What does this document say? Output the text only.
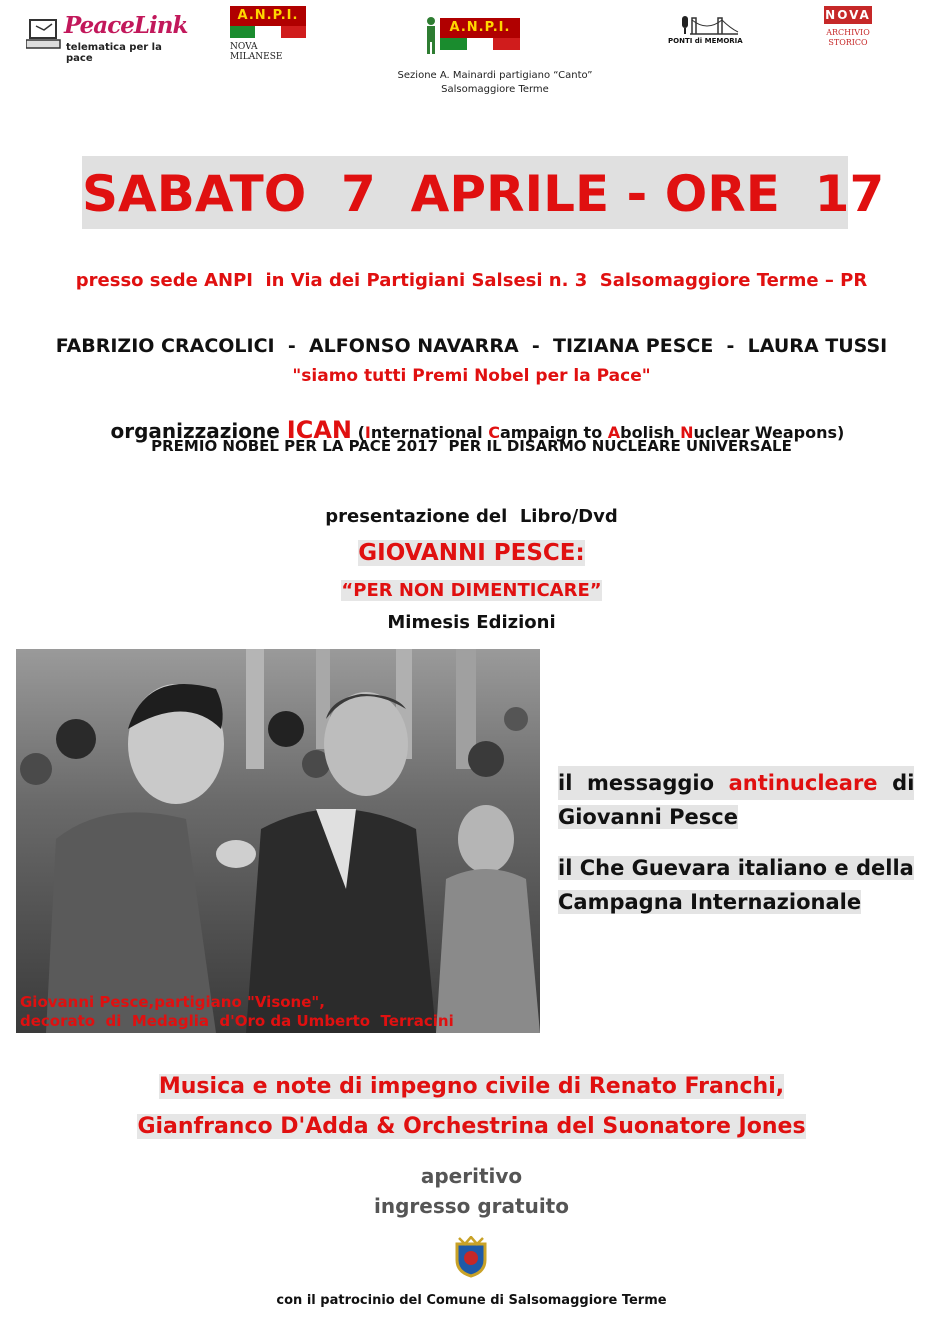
PeaceLink
telematica per la pace
A.N.P.I.
NOVA MILANESE
A.N.P.I.
Sezione A. Mainardi partigiano “Canto”
Salsomaggiore Terme
PONTI di MEMORIA
NOVA
ARCHIVIO
STORICO
SABATO  7  APRILE - ORE  17
presso sede ANPI  in Via dei Partigiani Salsesi n. 3  Salsomaggiore Terme – PR
FABRIZIO CRACOLICI  -  ALFONSO NAVARRA  -  TIZIANA PESCE  -  LAURA TUSSI
"siamo tutti Premi Nobel per la Pace"

organizzazione ICAN (International Campaign to Abolish Nuclear Weapons)

PREMIO NOBEL PER LA PACE 2017  PER IL DISARMO NUCLEARE UNIVERSALE
presentazione del  Libro/Dvd
GIOVANNI PESCE:
“PER NON DIMENTICARE”
Mimesis Edizioni
Giovanni Pesce,partigiano "Visone",
decorato  di  Medaglia  d'Oro da Umberto  Terracini
il  messaggio  antinucleare  di
Giovanni Pesce
il Che Guevara italiano e della
Campagna Internazionale
Musica e note di impegno civile di Renato Franchi,
Gianfranco D'Adda & Orchestrina del Suonatore Jones
aperitivo
ingresso gratuito
con il patrocinio del Comune di Salsomaggiore Terme
